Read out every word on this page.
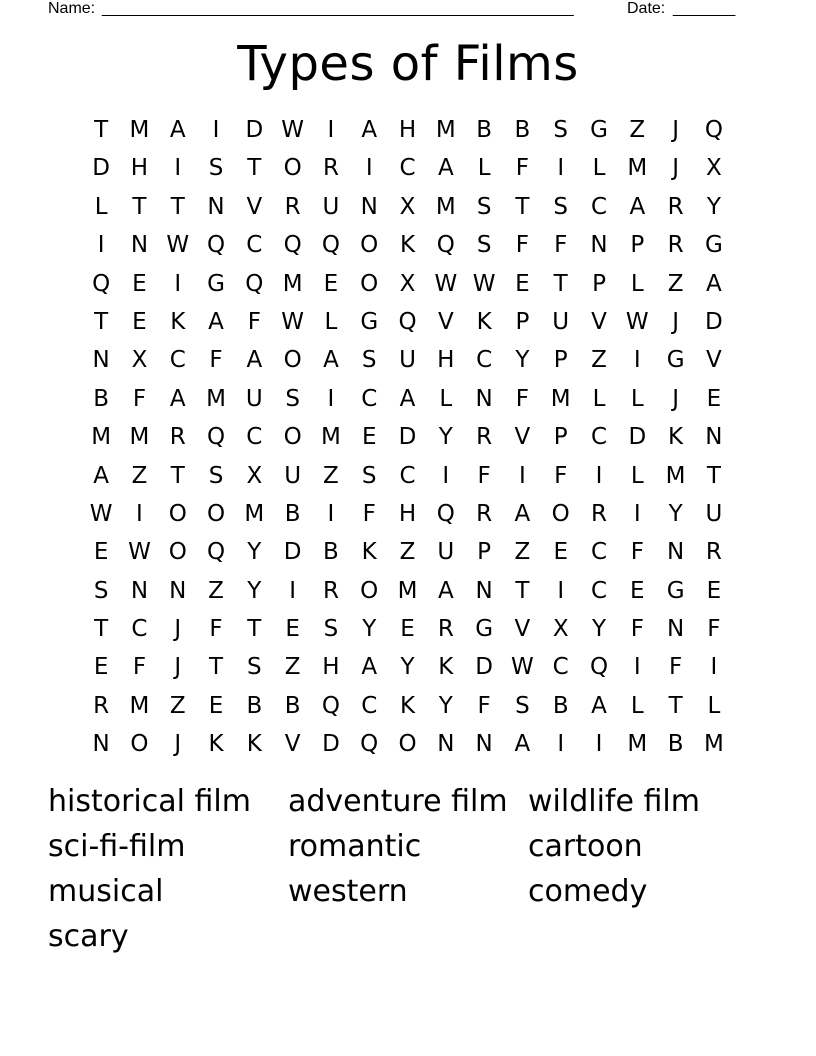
Name: _____________________________________________________	Date: _______
Types of Films
T M A	I	D W	I	A H M B B	S G Z	J	Q
D H	I	S	T O R	I	C A	L	F	I	L M	J	X
L	T	T N V R U N X M S	T	S C A R	Y
I	N W Q C Q Q O K Q S	F	F	N P	R G
Q E	I	G Q M E O X W W E	T	P	L	Z A
T	E	K A	F W L G Q V K	P U V W	J	D
N X C	F	A O A	S U H C	Y	P	Z	I	G V
B	F	A M U S	I	C A	L	N	F M L	L	J	E
M M R Q C O M E D Y	R V	P	C D K N
A Z	T	S	X U Z	S C	I	F	I	F	I	L M T
W	I	O O M B	I	F	H Q R A O R	I	Y U
E W O Q Y D B K Z U P	Z	E C	F	N R
S N N Z	Y	I	R O M A N T	I	C	E G E
T	C	J	F	T	E	S	Y	E	R G V X	Y	F	N	F
E	F	J	T	S	Z H A	Y	K D W C Q	I	F	I
R M Z	E	B B Q C K	Y	F	S	B A	L	T	L
N O	J	K	K V D Q O N N A	I	I	M B M
historical film	adventure film wildlife film
sci-fi-film	romantic	cartoon
musical	western	comedy
scary
